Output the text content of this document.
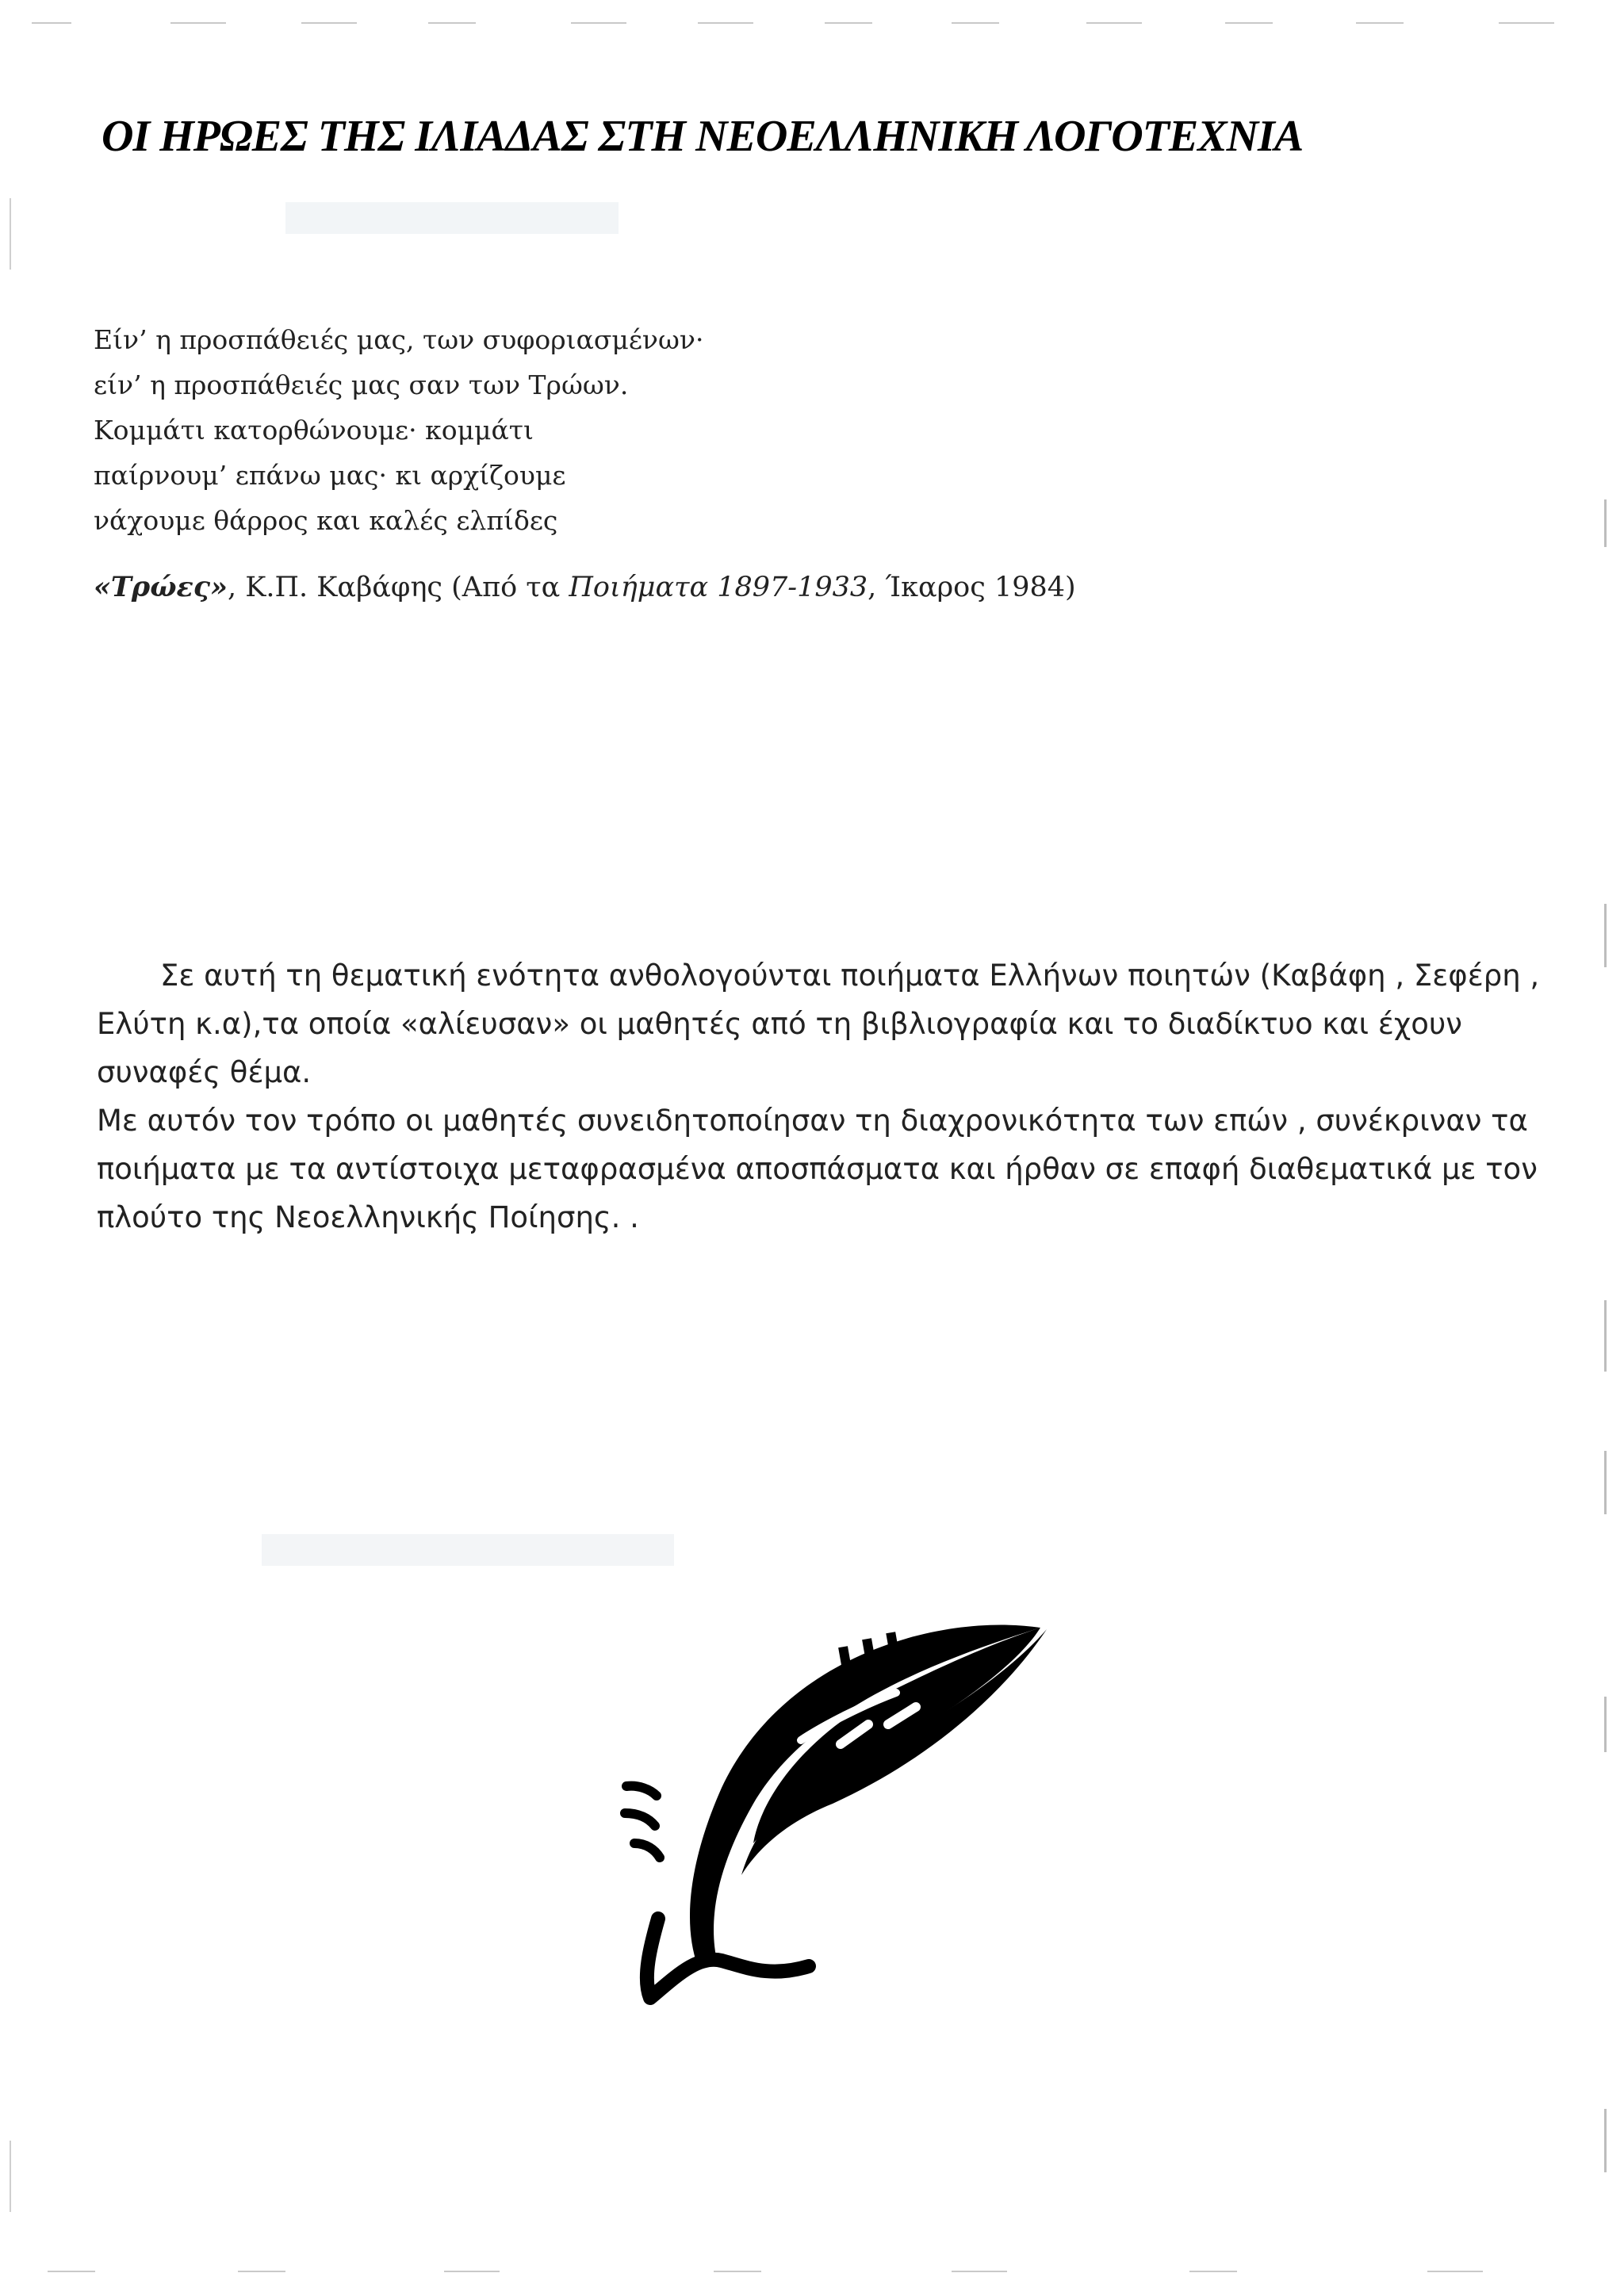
ΟΙ ΗΡΩΕΣ ΤΗΣ ΙΛΙΑΔΑΣ ΣΤΗ ΝΕΟΕΛΛΗΝΙΚΗ ΛΟΓΟΤΕΧΝΙΑ
Είν’ η προσπάθειές μας, των συφοριασμένων·
είν’ η προσπάθειές μας σαν των Τρώων.
Κομμάτι κατορθώνουμε· κομμάτι
παίρνουμ’ επάνω μας· κι αρχίζουμε
νάχουμε θάρρος και καλές ελπίδες
«Τρώες», Κ.Π. Καβάφης (Από τα Ποιήματα 1897-1933, Ίκαρος 1984)

Σε αυτή τη θεματική ενότητα ανθολογούνται ποιήματα Ελλήνων ποιητών (Καβάφη , Σεφέρη , Ελύτη κ.α),τα οποία «αλίευσαν» οι μαθητές από τη βιβλιογραφία και το διαδίκτυο και έχουν συναφές θέμα.

Με αυτόν τον τρόπο οι μαθητές συνειδητοποίησαν τη διαχρονικότητα των επών , συνέκριναν τα ποιήματα με τα αντίστοιχα μεταφρασμένα αποσπάσματα και ήρθαν σε επαφή διαθεματικά με τον πλούτο της Νεοελληνικής Ποίησης. .
